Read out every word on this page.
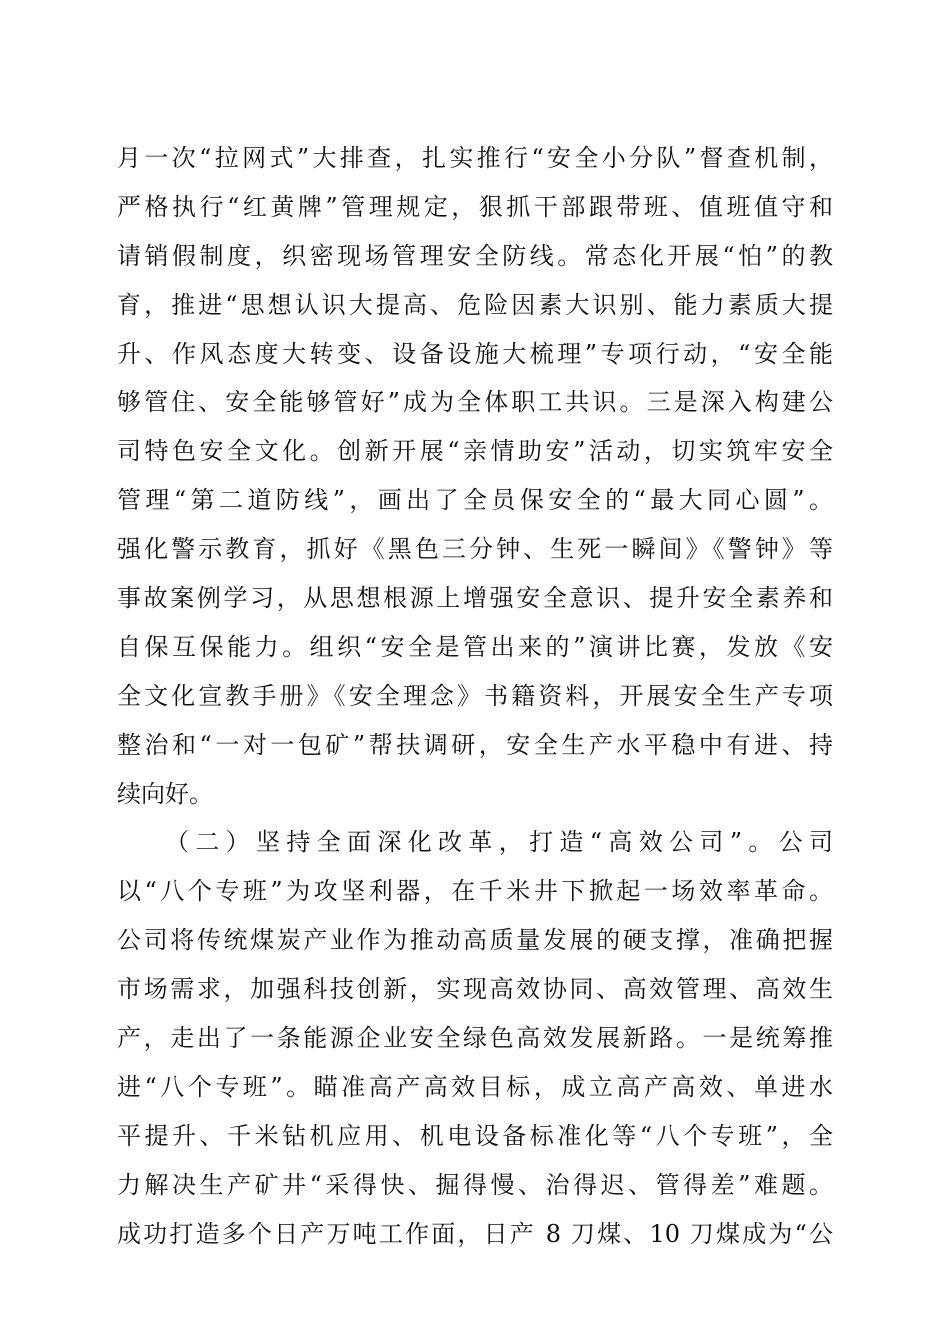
月一次“拉网式”大排查，扎实推行“安全小分队”督查机制，
严格执行“红黄牌”管理规定，狠抓干部跟带班、值班值守和
请销假制度，织密现场管理安全防线。常态化开展“怕”的教
育，推进“思想认识大提高、危险因素大识别、能力素质大提
升、作风态度大转变、设备设施大梳理”专项行动，“安全能
够管住、安全能够管好”成为全体职工共识。三是深入构建公
司特色安全文化。创新开展“亲情助安”活动，切实筑牢安全
管理“第二道防线”，画出了全员保安全的“最大同心圆”。
强化警示教育，抓好《黑色三分钟、生死一瞬间》《警钟》等
事故案例学习，从思想根源上增强安全意识、提升安全素养和
自保互保能力。组织“安全是管出来的”演讲比赛，发放《安
全文化宣教手册》《安全理念》书籍资料，开展安全生产专项
整治和“一对一包矿”帮扶调研，安全生产水平稳中有进、持
续向好。
（二）坚持全面深化改革，打造“高效公司”。公司
以“八个专班”为攻坚利器，在千米井下掀起一场效率革命。
公司将传统煤炭产业作为推动高质量发展的硬支撑，准确把握
市场需求，加强科技创新，实现高效协同、高效管理、高效生
产，走出了一条能源企业安全绿色高效发展新路。一是统筹推
进“八个专班”。瞄准高产高效目标，成立高产高效、单进水
平提升、千米钻机应用、机电设备标准化等“八个专班”，全
力解决生产矿井“采得快、掘得慢、治得迟、管得差”难题。
成功打造多个日产万吨工作面，日产 8 刀煤、10 刀煤成为“公
